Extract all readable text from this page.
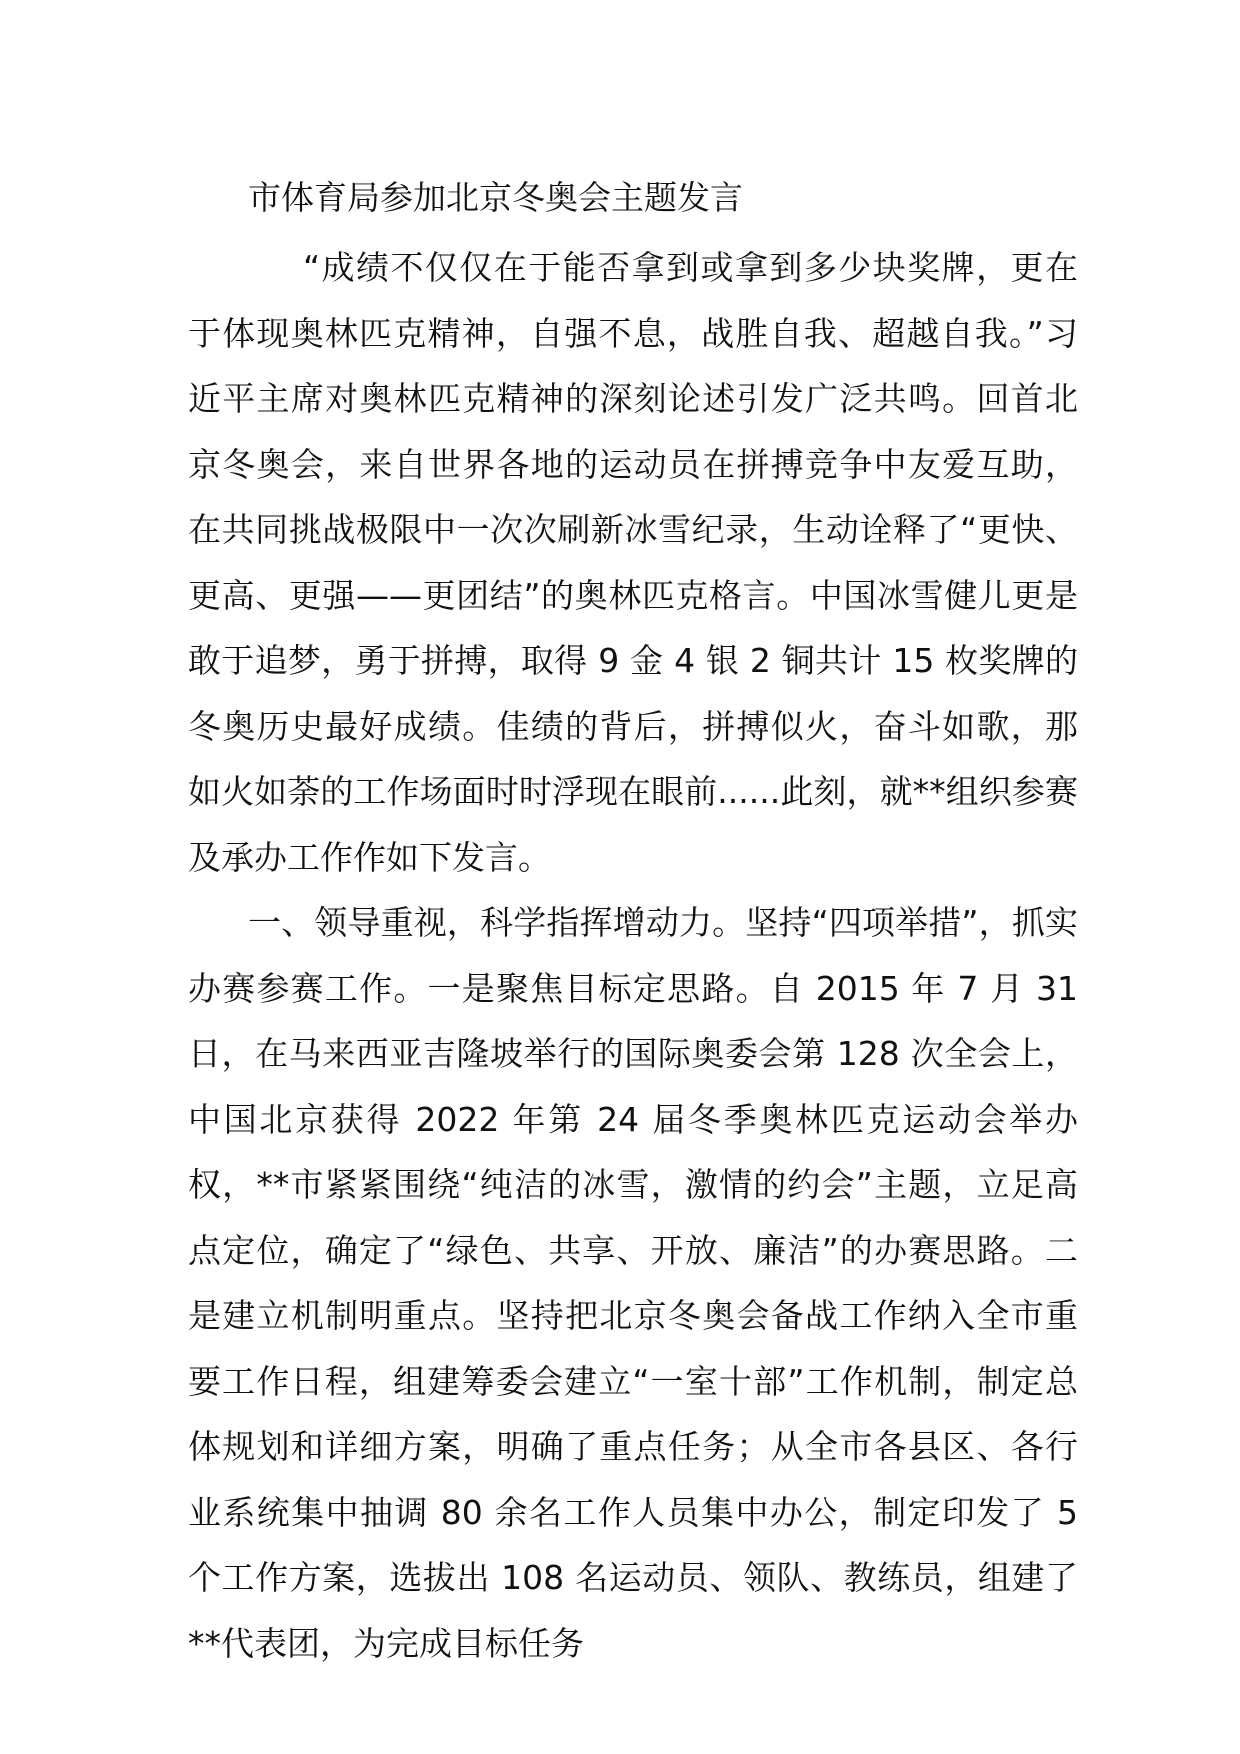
市体育局参加北京冬奥会主题发言

“成绩不仅仅在于能否拿到或拿到多少块奖牌，更在于体现奥林匹克精神，自强不息，战胜自我、超越自我。”习近平主席对奥林匹克精神的深刻论述引发广泛共鸣。回首北京冬奥会，来自世界各地的运动员在拼搏竞争中友爱互助，在共同挑战极限中一次次刷新冰雪纪录，生动诠释了“更快、更高、更强——更团结”的奥林匹克格言。中国冰雪健儿更是敢于追梦，勇于拼搏，取得 9 金 4 银 2 铜共计 15 枚奖牌的冬奥历史最好成绩。佳绩的背后，拼搏似火，奋斗如歌，那如火如荼的工作场面时时浮现在眼前......此刻，就**组织参赛及承办工作作如下发言。

一、领导重视，科学指挥增动力。坚持“四项举措”，抓实办赛参赛工作。一是聚焦目标定思路。自 2015 年 7 月 31 日，在马来西亚吉隆坡举行的国际奥委会第 128 次全会上，中国北京获得 2022 年第 24 届冬季奥林匹克运动会举办权，**市紧紧围绕“纯洁的冰雪，激情的约会”主题，立足高点定位，确定了“绿色、共享、开放、廉洁”的办赛思路。二是建立机制明重点。坚持把北京冬奥会备战工作纳入全市重要工作日程，组建筹委会建立“一室十部”工作机制，制定总体规划和详细方案，明确了重点任务；从全市各县区、各行业系统集中抽调 80 余名工作人员集中办公，制定印发了 5 个工作方案，选拔出 108 名运动员、领队、教练员，组建了**代表团，为完成目标任务
